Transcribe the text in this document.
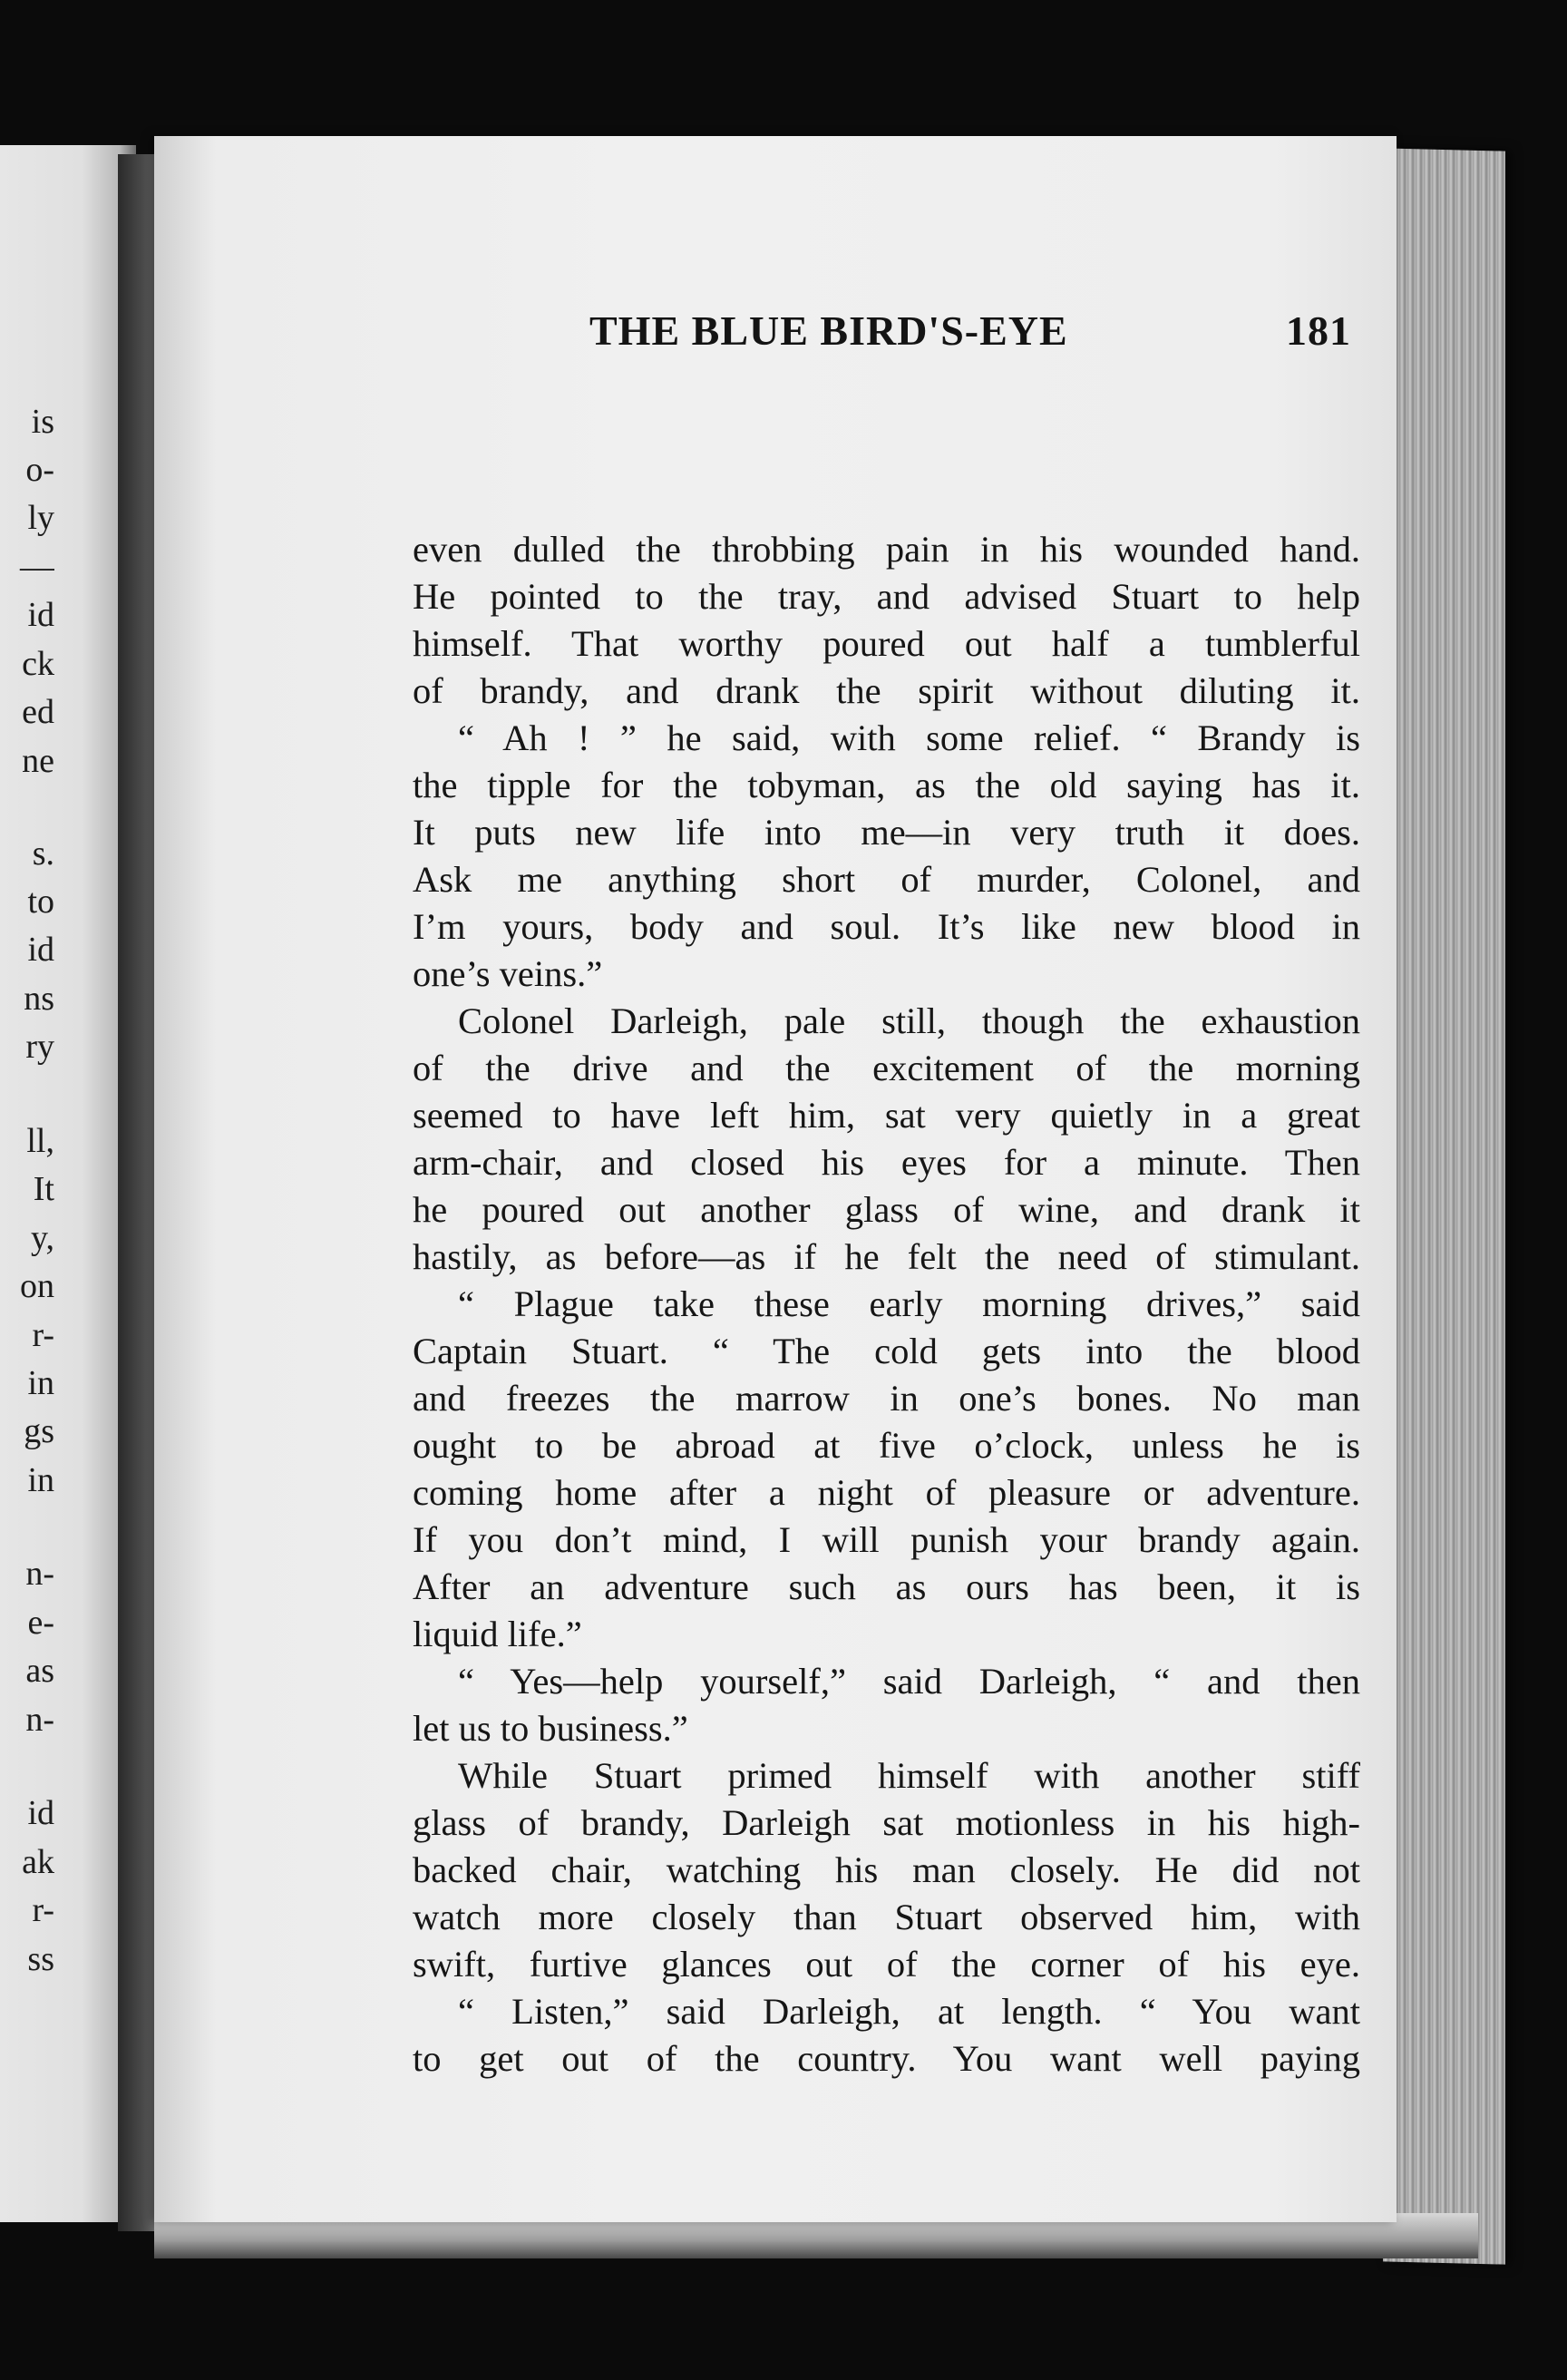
is
o-
ly
—
id
ck
ed
ne
s.
to
id
ns
ry
ll,
It
y,
on
r-
in
gs
in
n-
e-
as
n-
id
ak
r-
ss
THE BLUE BIRD'S-EYE	181
even dulled the throbbing pain in his wounded hand.
He pointed to the tray, and advised Stuart to help
himself. That worthy poured out half a tumblerful
of brandy, and drank the spirit without diluting it.
“ Ah ! ” he said, with some relief. “ Brandy is
the tipple for the tobyman, as the old saying has it.
It puts new life into me—in very truth it does.
Ask me anything short of murder, Colonel, and
I’m yours, body and soul. It’s like new blood in
one’s veins.”
Colonel Darleigh, pale still, though the exhaustion
of the drive and the excitement of the morning
seemed to have left him, sat very quietly in a great
arm-chair, and closed his eyes for a minute. Then
he poured out another glass of wine, and drank it
hastily, as before—as if he felt the need of stimulant.
“ Plague take these early morning drives,” said
Captain Stuart. “ The cold gets into the blood
and freezes the marrow in one’s bones. No man
ought to be abroad at five o’clock, unless he is
coming home after a night of pleasure or adventure.
If you don’t mind, I will punish your brandy again.
After an adventure such as ours has been, it is
liquid life.”
“ Yes—help yourself,” said Darleigh, “ and then
let us to business.”
While Stuart primed himself with another stiff
glass of brandy, Darleigh sat motionless in his high-
backed chair, watching his man closely. He did not
watch more closely than Stuart observed him, with
swift, furtive glances out of the corner of his eye.
“ Listen,” said Darleigh, at length. “ You want
to get out of the country. You want well paying
